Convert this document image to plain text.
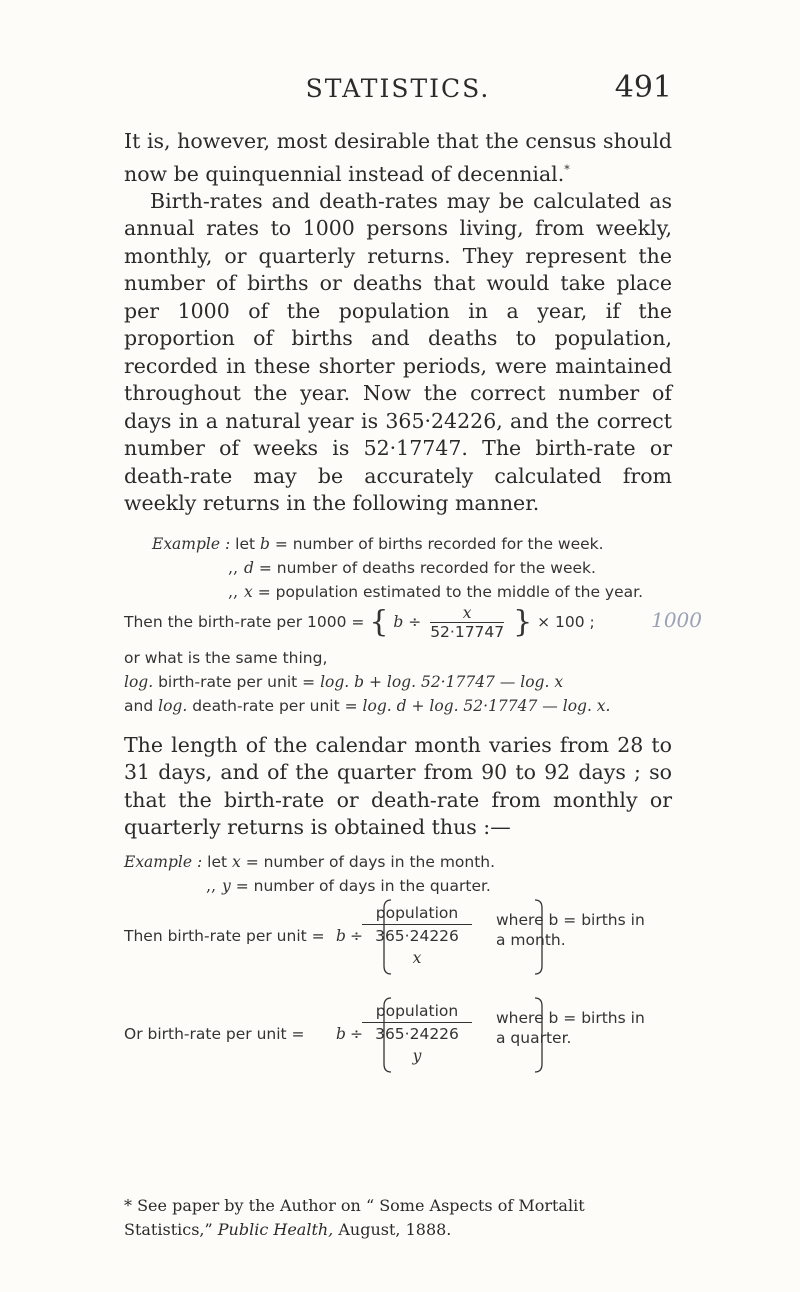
STATISTICS.	491

It is, however, most desirable that the census should now be quinquennial instead of decennial.*

Birth-rates and death-rates may be calculated as annual rates to 1000 persons living, from weekly, monthly, or quarterly returns. They represent the number of births or deaths that would take place per 1000 of the population in a year, if the proportion of births and deaths to population, recorded in these shorter periods, were maintained throughout the year. Now the correct number of days in a natural year is 365·24226, and the correct number of weeks is 52·17747. The birth-rate or death-rate may be accurately calculated from weekly returns in the following manner.

Example : let b = number of births recorded for the week.
,, d = number of deaths recorded for the week.
,, x = population estimated to the middle of the year.
Then the birth-rate per 1000 = { $b \div \frac{x}{52\cdot 17747}$ } × 100 ;	1000
or what is the same thing,
log. birth-rate per unit = log. b + log. 52·17747 — log. x
and log. death-rate per unit = log. d + log. 52·17747 — log. x.

The length of the calendar month varies from 28 to 31 days, and of the quarter from 90 to 92 days ; so that the birth-rate or death-rate from monthly or quarterly returns is obtained thus :—

Example : let x = number of days in the month.
,, y = number of days in the quarter.
Then birth-rate per unit = b ÷
population
365·24226
x
where b = births in
a month.
Or birth-rate per unit = b ÷
population
365·24226
y
where b = births in
a quarter.
* See paper by the Author on “ Some Aspects of Mortalit Statistics,” Public Health, August, 1888.
